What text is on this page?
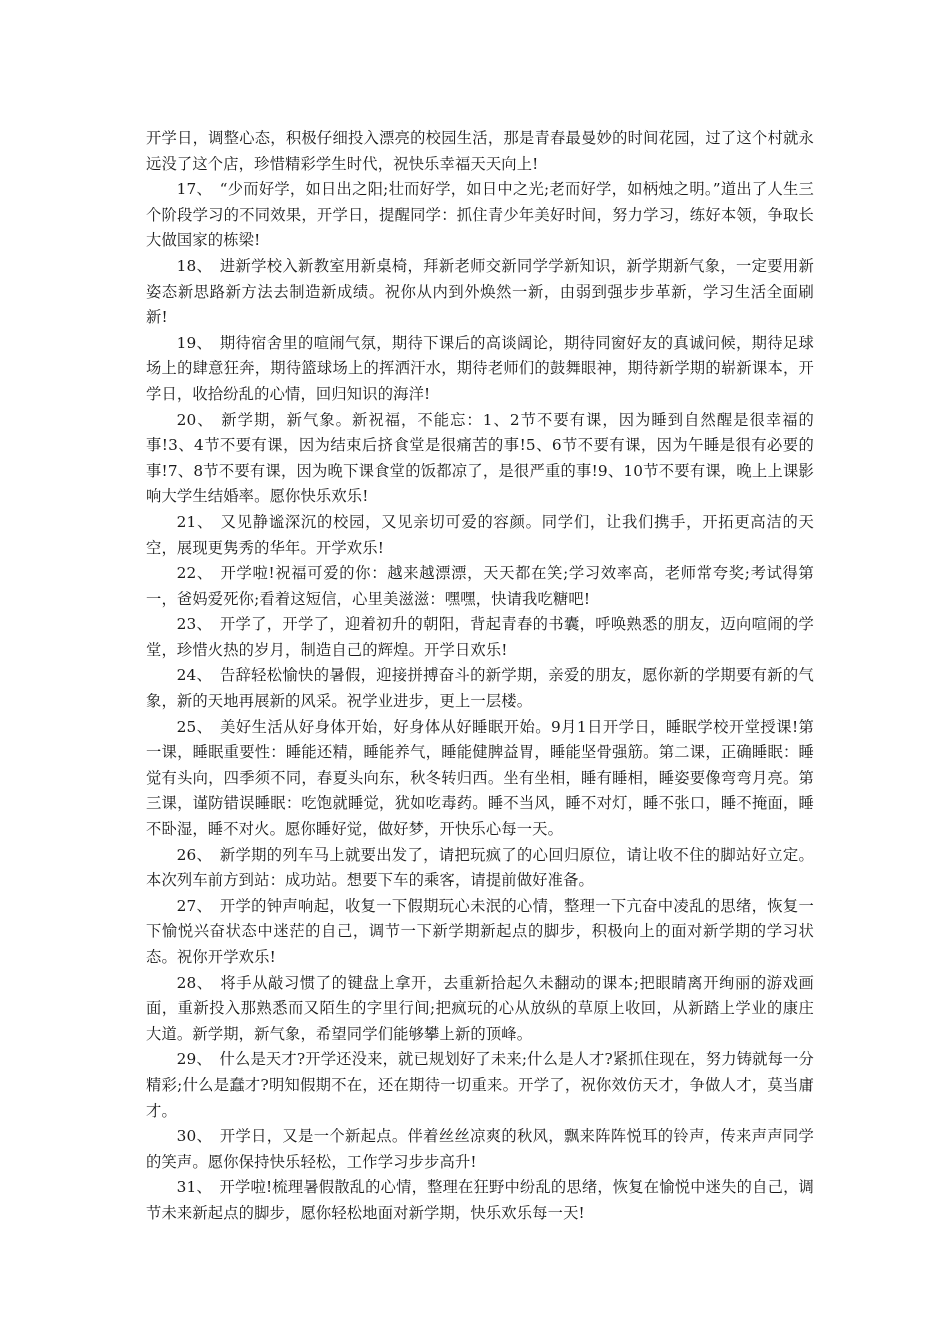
开学日，调整心态，积极仔细投入漂亮的校园生活，那是青春最曼妙的时间花园，过了这个村就永远没了这个店，珍惜精彩学生时代，祝快乐幸福天天向上!

17、 “少而好学，如日出之阳;壮而好学，如日中之光;老而好学，如柄烛之明。”道出了人生三个阶段学习的不同效果，开学日，提醒同学：抓住青少年美好时间，努力学习，练好本领，争取长大做国家的栋梁!

18、 进新学校入新教室用新桌椅，拜新老师交新同学学新知识，新学期新气象，一定要用新姿态新思路新方法去制造新成绩。祝你从内到外焕然一新，由弱到强步步革新，学习生活全面刷新!

19、 期待宿舍里的喧闹气氛，期待下课后的高谈阔论，期待同窗好友的真诚问候，期待足球场上的肆意狂奔，期待篮球场上的挥洒汗水，期待老师们的鼓舞眼神，期待新学期的崭新课本，开学日，收拾纷乱的心情，回归知识的海洋!

20、 新学期，新气象。新祝福，不能忘：1、2节不要有课，因为睡到自然醒是很幸福的事!3、4节不要有课，因为结束后挤食堂是很痛苦的事!5、6节不要有课，因为午睡是很有必要的事!7、8节不要有课，因为晚下课食堂的饭都凉了，是很严重的事!9、10节不要有课，晚上上课影响大学生结婚率。愿你快乐欢乐!

21、 又见静谧深沉的校园，又见亲切可爱的容颜。同学们，让我们携手，开拓更高洁的天空，展现更隽秀的华年。开学欢乐!

22、 开学啦!祝福可爱的你：越来越漂漂，天天都在笑;学习效率高，老师常夸奖;考试得第一，爸妈爱死你;看着这短信，心里美滋滋：嘿嘿，快请我吃糖吧!

23、 开学了，开学了，迎着初升的朝阳，背起青春的书囊，呼唤熟悉的朋友，迈向喧闹的学堂，珍惜火热的岁月，制造自己的辉煌。开学日欢乐!

24、 告辞轻松愉快的暑假，迎接拼搏奋斗的新学期，亲爱的朋友，愿你新的学期要有新的气象，新的天地再展新的风采。祝学业进步，更上一层楼。

25、 美好生活从好身体开始，好身体从好睡眠开始。9月1日开学日，睡眠学校开堂授课!第一课，睡眠重要性：睡能还精，睡能养气，睡能健脾益胃，睡能坚骨强筋。第二课，正确睡眠：睡觉有头向，四季须不同，春夏头向东，秋冬转归西。坐有坐相，睡有睡相，睡姿要像弯弯月亮。第三课，谨防错误睡眠：吃饱就睡觉，犹如吃毒药。睡不当风，睡不对灯，睡不张口，睡不掩面，睡不卧湿，睡不对火。愿你睡好觉，做好梦，开快乐心每一天。

26、 新学期的列车马上就要出发了，请把玩疯了的心回归原位，请让收不住的脚站好立定。本次列车前方到站：成功站。想要下车的乘客，请提前做好准备。

27、 开学的钟声响起，收复一下假期玩心未泯的心情，整理一下亢奋中凌乱的思绪，恢复一下愉悦兴奋状态中迷茫的自己，调节一下新学期新起点的脚步，积极向上的面对新学期的学习状态。祝你开学欢乐!

28、 将手从敲习惯了的键盘上拿开，去重新拾起久未翻动的课本;把眼睛离开绚丽的游戏画面，重新投入那熟悉而又陌生的字里行间;把疯玩的心从放纵的草原上收回，从新踏上学业的康庄大道。新学期，新气象，希望同学们能够攀上新的顶峰。

29、 什么是天才?开学还没来，就已规划好了未来;什么是人才?紧抓住现在，努力铸就每一分精彩;什么是蠢才?明知假期不在，还在期待一切重来。开学了，祝你效仿天才，争做人才，莫当庸才。

30、 开学日，又是一个新起点。伴着丝丝凉爽的秋风，飘来阵阵悦耳的铃声，传来声声同学的笑声。愿你保持快乐轻松，工作学习步步高升!

31、 开学啦!梳理暑假散乱的心情，整理在狂野中纷乱的思绪，恢复在愉悦中迷失的自己，调节未来新起点的脚步，愿你轻松地面对新学期，快乐欢乐每一天!
